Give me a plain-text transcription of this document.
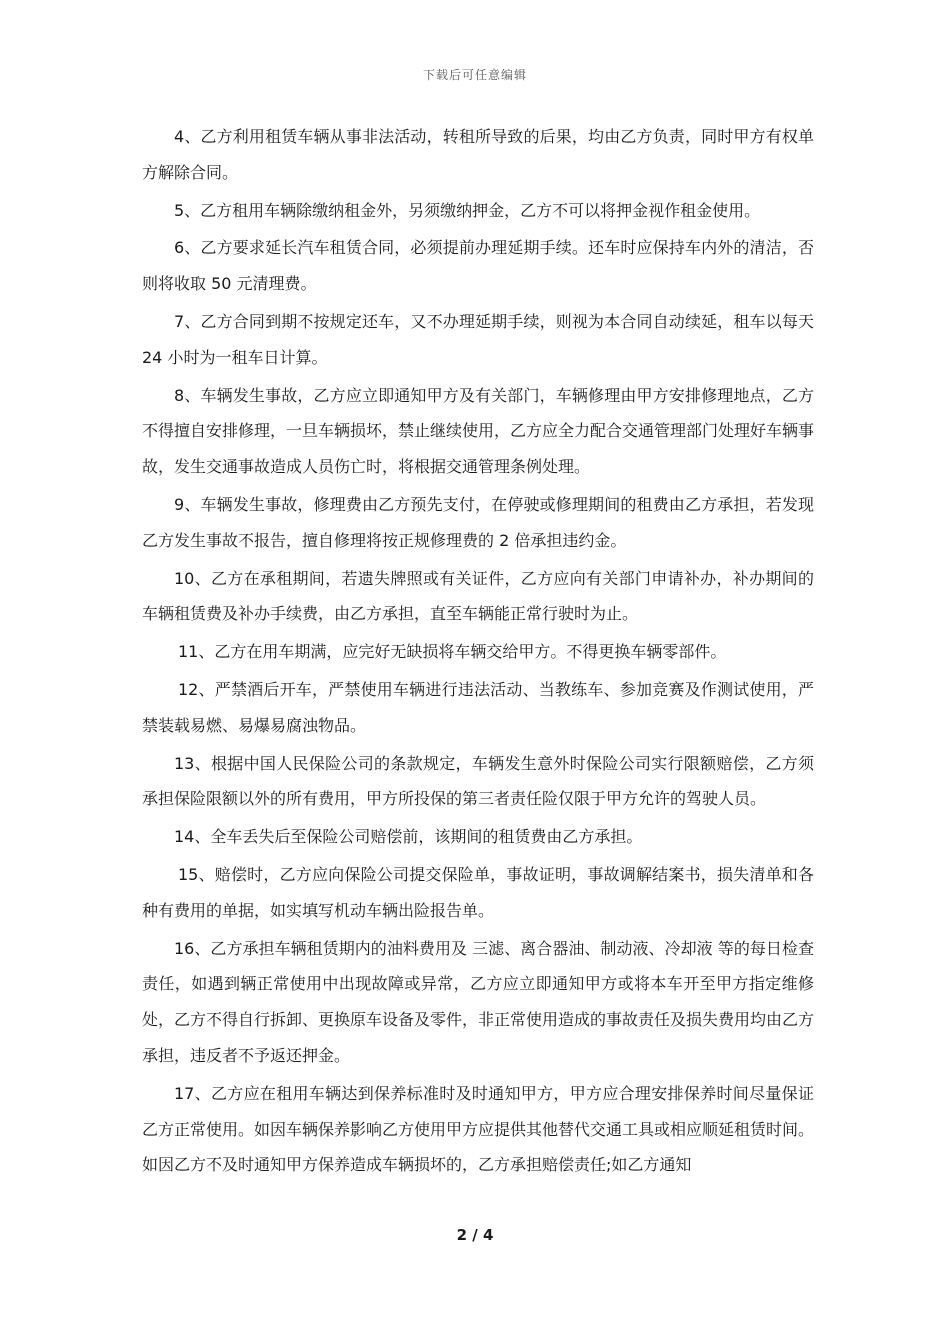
下载后可任意编辑

4、乙方利用租赁车辆从事非法活动，转租所导致的后果，均由乙方负责，同时甲方有权单方解除合同。

5、乙方租用车辆除缴纳租金外，另须缴纳押金，乙方不可以将押金视作租金使用。

6、乙方要求延长汽车租赁合同，必须提前办理延期手续。还车时应保持车内外的清洁，否则将收取 50 元清理费。

7、乙方合同到期不按规定还车，又不办理延期手续，则视为本合同自动续延，租车以每天 24 小时为一租车日计算。

8、车辆发生事故，乙方应立即通知甲方及有关部门，车辆修理由甲方安排修理地点，乙方不得擅自安排修理，一旦车辆损坏，禁止继续使用，乙方应全力配合交通管理部门处理好车辆事故，发生交通事故造成人员伤亡时，将根据交通管理条例处理。

9、车辆发生事故，修理费由乙方预先支付，在停驶或修理期间的租费由乙方承担，若发现乙方发生事故不报告，擅自修理将按正规修理费的 2 倍承担违约金。

10、乙方在承租期间，若遗失牌照或有关证件，乙方应向有关部门申请补办，补办期间的车辆租赁费及补办手续费，由乙方承担，直至车辆能正常行驶时为止。

11、乙方在用车期满，应完好无缺损将车辆交给甲方。不得更换车辆零部件。

12、严禁酒后开车，严禁使用车辆进行违法活动、当教练车、参加竞赛及作测试使用，严禁装载易燃、易爆易腐浊物品。

13、根据中国人民保险公司的条款规定，车辆发生意外时保险公司实行限额赔偿，乙方须承担保险限额以外的所有费用，甲方所投保的第三者责任险仅限于甲方允许的驾驶人员。

14、全车丢失后至保险公司赔偿前，该期间的租赁费由乙方承担。

15、赔偿时，乙方应向保险公司提交保险单，事故证明，事故调解结案书，损失清单和各种有费用的单据，如实填写机动车辆出险报告单。

16、乙方承担车辆租赁期内的油料费用及 三滤、离合器油、制动液、冷却液 等的每日检查责任，如遇到辆正常使用中出现故障或异常，乙方应立即通知甲方或将本车开至甲方指定维修处，乙方不得自行拆卸、更换原车设备及零件，非正常使用造成的事故责任及损失费用均由乙方承担，违反者不予返还押金。

17、乙方应在租用车辆达到保养标准时及时通知甲方，甲方应合理安排保养时间尽量保证乙方正常使用。如因车辆保养影响乙方使用甲方应提供其他替代交通工具或相应顺延租赁时间。如因乙方不及时通知甲方保养造成车辆损坏的，乙方承担赔偿责任;如乙方通知

2 / 4
